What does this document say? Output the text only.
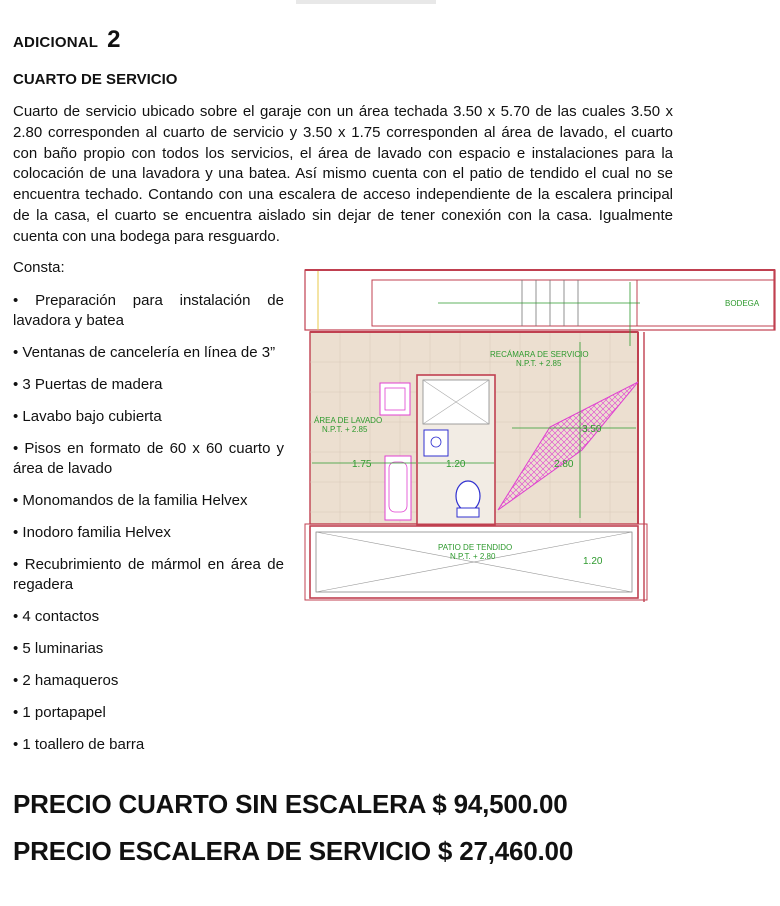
ADICIONAL 2
CUARTO DE SERVICIO

Cuarto de servicio ubicado sobre el garaje con un área techada 3.50 x 5.70 de las cuales 3.50 x 2.80 corresponden al cuarto de servicio y 3.50 x 1.75 corresponden al área de lavado, el cuarto con baño propio con todos los servicios, el área de lavado con espacio e instalaciones para la colocación de una lavadora y una batea. Así mismo cuenta con el patio de tendido el cual no se encuentra techado. Contando con una escalera de acceso independiente de la escalera principal de la casa, el cuarto se encuentra aislado sin dejar de tener conexión con la casa. Igualmente cuenta con una bodega para resguardo.

Consta:
• Preparación para instalación de lavadora y batea
• Ventanas de cancelería en línea de 3”
• 3 Puertas de madera
• Lavabo bajo cubierta
• Pisos en formato de 60 x 60 cuarto y área de lavado
• Monomandos de la familia Helvex
• Inodoro familia Helvex
• Recubrimiento de mármol en área de regadera
• 4 contactos
• 5 luminarias
• 2 hamaqueros
• 1 portapapel
• 1 toallero de barra
PRECIO CUARTO SIN ESCALERA $ 94,500.00
PRECIO ESCALERA DE SERVICIO $ 27,460.00
BODEGA
RECÁMARA DE SERVICIO
N.P.T. + 2.85
ÁREA DE LAVADO
N.P.T. + 2.85
PATIO DE TENDIDO
N.P.T. + 2.80
3.50
2.80
1.75	1.20
1.20
